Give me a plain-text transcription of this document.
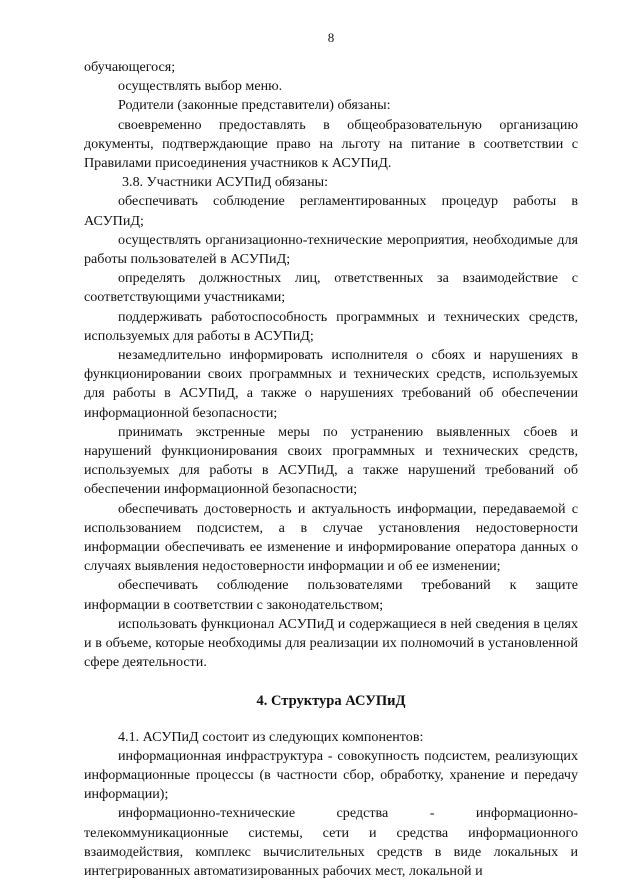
8

обучающегося;

осуществлять выбор меню.

Родители (законные представители) обязаны:

своевременно предоставлять в общеобразовательную организацию документы, подтверждающие право на льготу на питание в соответствии с Правилами присоединения участников к АСУПиД.

3.8. Участники АСУПиД обязаны:

обеспечивать соблюдение регламентированных процедур работы в АСУПиД;

осуществлять организационно-технические мероприятия, необходимые для работы пользователей в АСУПиД;

определять должностных лиц, ответственных за взаимодействие с соответствующими участниками;

поддерживать работоспособность программных и технических средств, используемых для работы в АСУПиД;

незамедлительно информировать исполнителя о сбоях и нарушениях в функционировании своих программных и технических средств, используемых для работы в АСУПиД, а также о нарушениях требований об обеспечении информационной безопасности;

принимать экстренные меры по устранению выявленных сбоев и нарушений функционирования своих программных и технических средств, используемых для работы в АСУПиД, а также нарушений требований об обеспечении информационной безопасности;

обеспечивать достоверность и актуальность информации, передаваемой с использованием подсистем, а в случае установления недостоверности информации обеспечивать ее изменение и информирование оператора данных о случаях выявления недостоверности информации и об ее изменении;

обеспечивать соблюдение пользователями требований к защите информации в соответствии с законодательством;

использовать функционал АСУПиД и содержащиеся в ней сведения в целях и в объеме, которые необходимы для реализации их полномочий в установленной сфере деятельности.

4. Структура АСУПиД

4.1. АСУПиД состоит из следующих компонентов:

информационная инфраструктура - совокупность подсистем, реализующих информационные процессы (в частности сбор, обработку, хранение и передачу информации);

информационно-технические средства - информационно-телекоммуникационные системы, сети и средства информационного взаимодействия, комплекс вычислительных средств в виде локальных и интегрированных автоматизированных рабочих мест, локальной и
